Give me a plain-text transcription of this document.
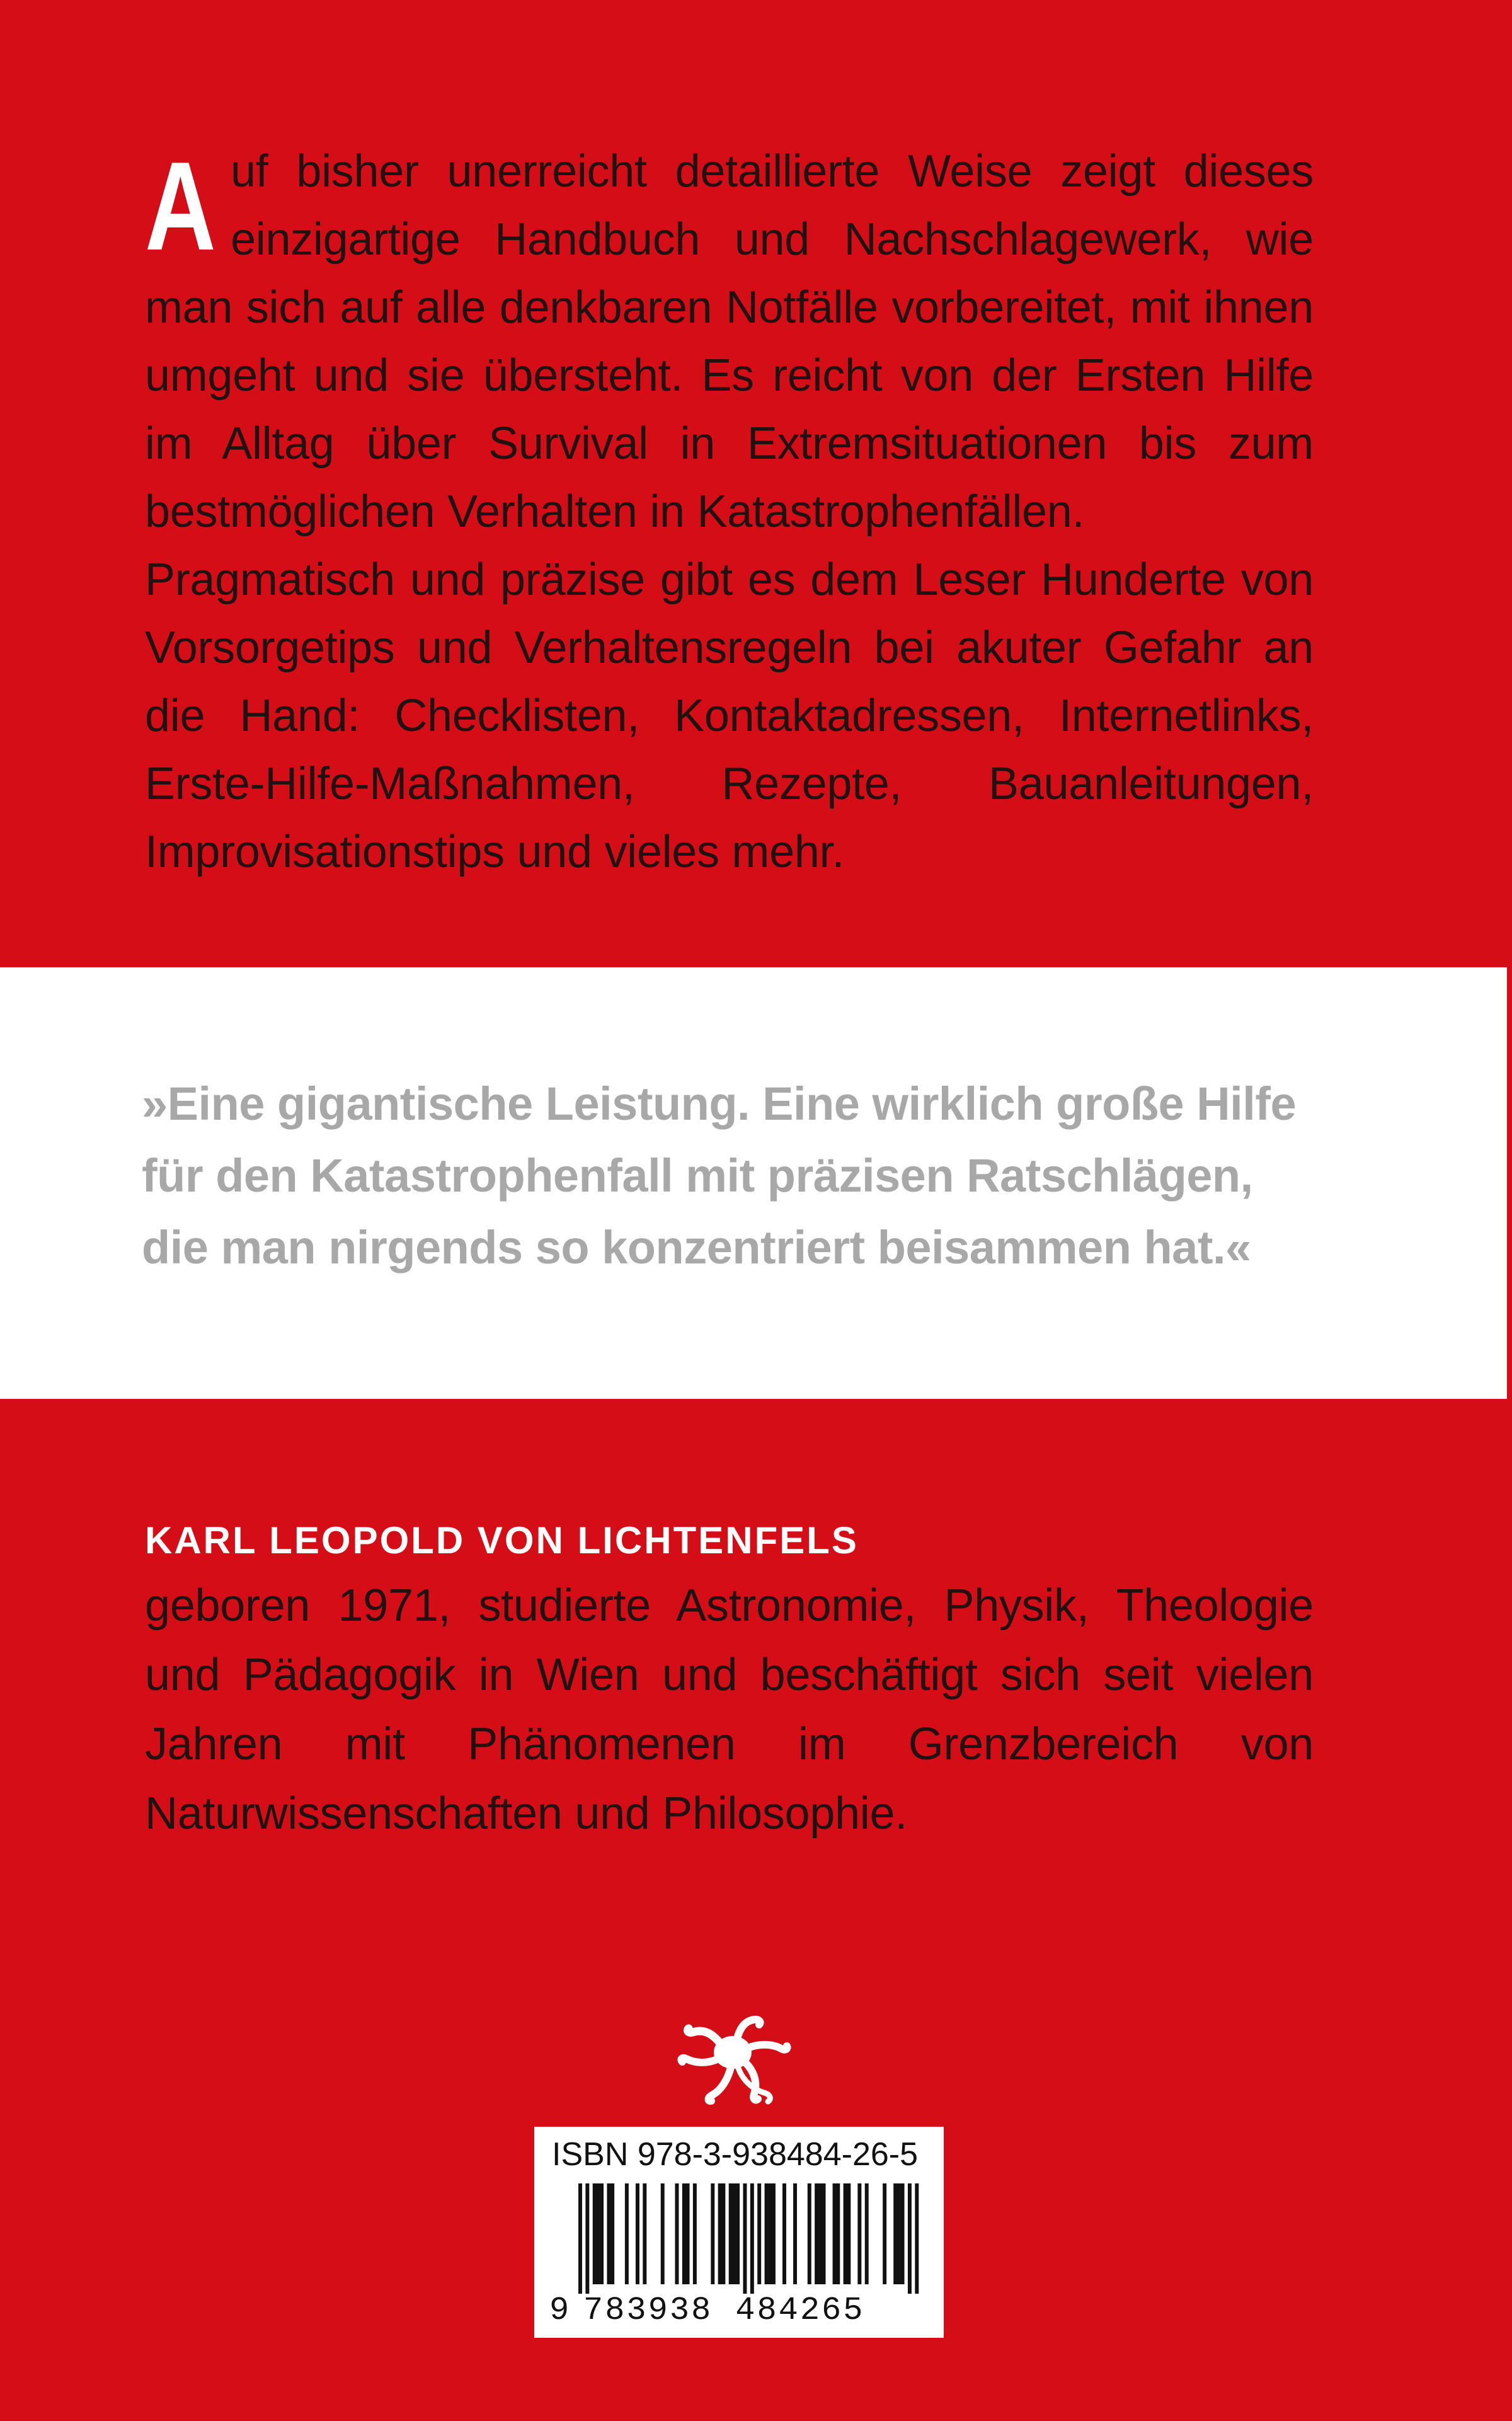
Auf bisher unerreicht detaillierte Weise zeigt dieses einzigartige Handbuch und Nachschlagewerk, wie man sich auf alle denkbaren Notfälle vorbereitet, mit ihnen umgeht und sie übersteht. Es reicht von der Ersten Hilfe im Alltag über Survival in Extremsituationen bis zum bestmöglichen Verhalten in Katastrophenfällen.

Pragmatisch und präzise gibt es dem Leser Hunderte von Vorsorgetips und Verhaltensregeln bei akuter Gefahr an die Hand: Checklisten, Kontaktadressen, Internetlinks, Erste-Hilfe-Maßnahmen, Rezepte, Bauanleitungen, Improvisationstips und vieles mehr.

»Eine gigantische Leistung. Eine wirklich große Hilfe
für den Katastrophenfall mit präzisen Ratschlägen,
die man nirgends so konzentriert beisammen hat.«
KARL LEOPOLD VON LICHTENFELS
geboren 1971, studierte Astronomie, Physik, Theologie und Pädagogik in Wien und beschäftigt sich seit vielen Jahren mit Phänomenen im Grenzbereich von Naturwissenschaften und Philosophie.
ISBN 978-3-938484-26-5
9 783938 484265
